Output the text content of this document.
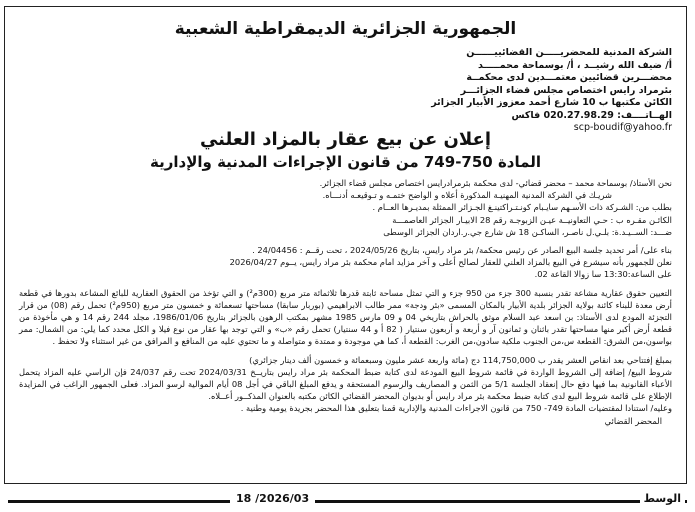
الجمهورية الجزائرية الديمقراطية الشعبية
الشركة المدنية للمحضريـــــن القضائييــــــن
أ/ ضيف الله رشيــد ، أ/ بوسماحة محمـــــد
محضـــرين قضائيين معتمـــدين لدى محكمــة
بئرمراد رايس اختصاص مجلس قضاء الجزائـــر
الكائن مكتبها ب 10 شارع أحمد معزوز الأبيار الجزائر
الهــاتــــف: 020.27.98.29 فاكس
scp-boudif@yahoo.fr
إعلان عن بيع عقار بالمزاد العلني
المادة 750-749 من قانون الإجراءات المدنية والإدارية

نحن الأستاذ/ بوسماحة محمد – محضر قضائي- لدى محكمة بئرمرادرايس اختصاص مجلس قضاء الجزائر.

شريـك في الشركة المدنية المهنيـة المذكورة أعلاه و الواضح ختمـه و تـوقيعـه أدنـــاه.

بطلب من: الشـركة ذات الأسـهم سايـبام كونـتـراكتينـغ الجـزائر الممثلة بمديـرها العــام .

الكائـن مقـره ب : حـي التعاونيــة عيـن الزبوجـة رقم 28 الابيـار الجزائر العاصمـــة

ضـــد: الســيـد.ة: بلـي.ل ناصـر، الساكـن 18 ش شارع جي.ر.اردان الجزائر الوسطى

بناء على/ أمر تحديد جلسة البيع الصادر عن رئيس محكمة/ بئر مراد رايس، بتاريخ 2024/05/26 ، تحت رقــم : 24/04456 .

نعلن للجمهور بأنه سيشرع في البيع بالمزاد العلني للعقار لصالح أعلى و آخر مزايد امام محكمة بئر مراد رايس، يــوم 2026/04/27

على الساعة:13:30 سا زوالا القاعة 02.

التعيين حقوق عقارية مشاعة تقدر بنسبة 300 جزء من 950 جزء و التي تمثل مساحة ثابتة قدرها ثلاثمائة متر مربع (300م²) و التي تؤخذ من الحقوق العقارية للبائع المشاعة بدورها في قطعة أرض معدة للبناء كائنة بولاية الجزائر بلدية الأبيار بالمكان المسمى «بئر ودجة» ممر طالب الابراهيمي (بوربار سابقا) مساحتها تسعمائة و خمسون متر مربع (950م²) تحمل رقم (08) من قرار التجزئة المودع لدى الأستاذ: بن اسعد عبد السلام موثق بالحراش بتاريخي 04 و 09 مارس 1985 مشهر بمكتب الرهون بالجزائر بتاريخ 1986/01/06، مجلد 244 رقم 14 و هي مأخوذة من قطعة أرض أكبر منها مساحتها تقدر باثنان و ثمانون آر و أربعة و أربعون سنتيار ( 82 أ و 44 سنتيار) تحمل رقم «ب» و التي توجد بها عقار من نوع فيلا و الكل محدد كما يلي: من الشمال: ممر بواسون،من الشرق: القطعة س،من الجنوب ملكية سادون،من الغرب: القطعة أ، كما هي موجودة و ممتدة و متواصلة و ما تحتوي عليه من المنافع و المرافق من غير استثناء ولا تحفظ .

بمبلغ إفتتاحي بعد انقاص العشر يقدر ب 114,750,000 دج (مائة واربعة عشر مليون وسبعمائة و خمسون ألف دينار جزائري)

شروط البيع/ إضافة إلى الشروط الواردة في قائمة شروط البيع المودعة لدى كتابة ضبط المحكمة بئر مراد رايس بتاريــخ 2024/03/31 تحت رقم 24/037 فإن الراسي عليه المزاد يتحمل الأعباء القانونية بما فيها دفع حال إنعقاد الجلسة 5/1 من الثمن و المصاريف والرسوم المستحقة و يدفع المبلغ الباقي في أجل 08 أيام الموالية لرسو المزاد. فعلى الجمهور الراغب في المزايدة الإطلاع على قائمة شروط البيع لدى كتابة ضبط محكمة بئر مراد رايس أو بديوان المحضر القضائي الكائن مكتبه بالعنوان المذكــور أعــلاه.

وعليه/ استنادا لمقتضيات المادة 749- 750 من قانون الاجراءات المدنية والإدارية قمنا بتعليق هذا المحضر بجريدة يومية وطنية .

المحضر القضائي

الوسط
2026/03/ 18
